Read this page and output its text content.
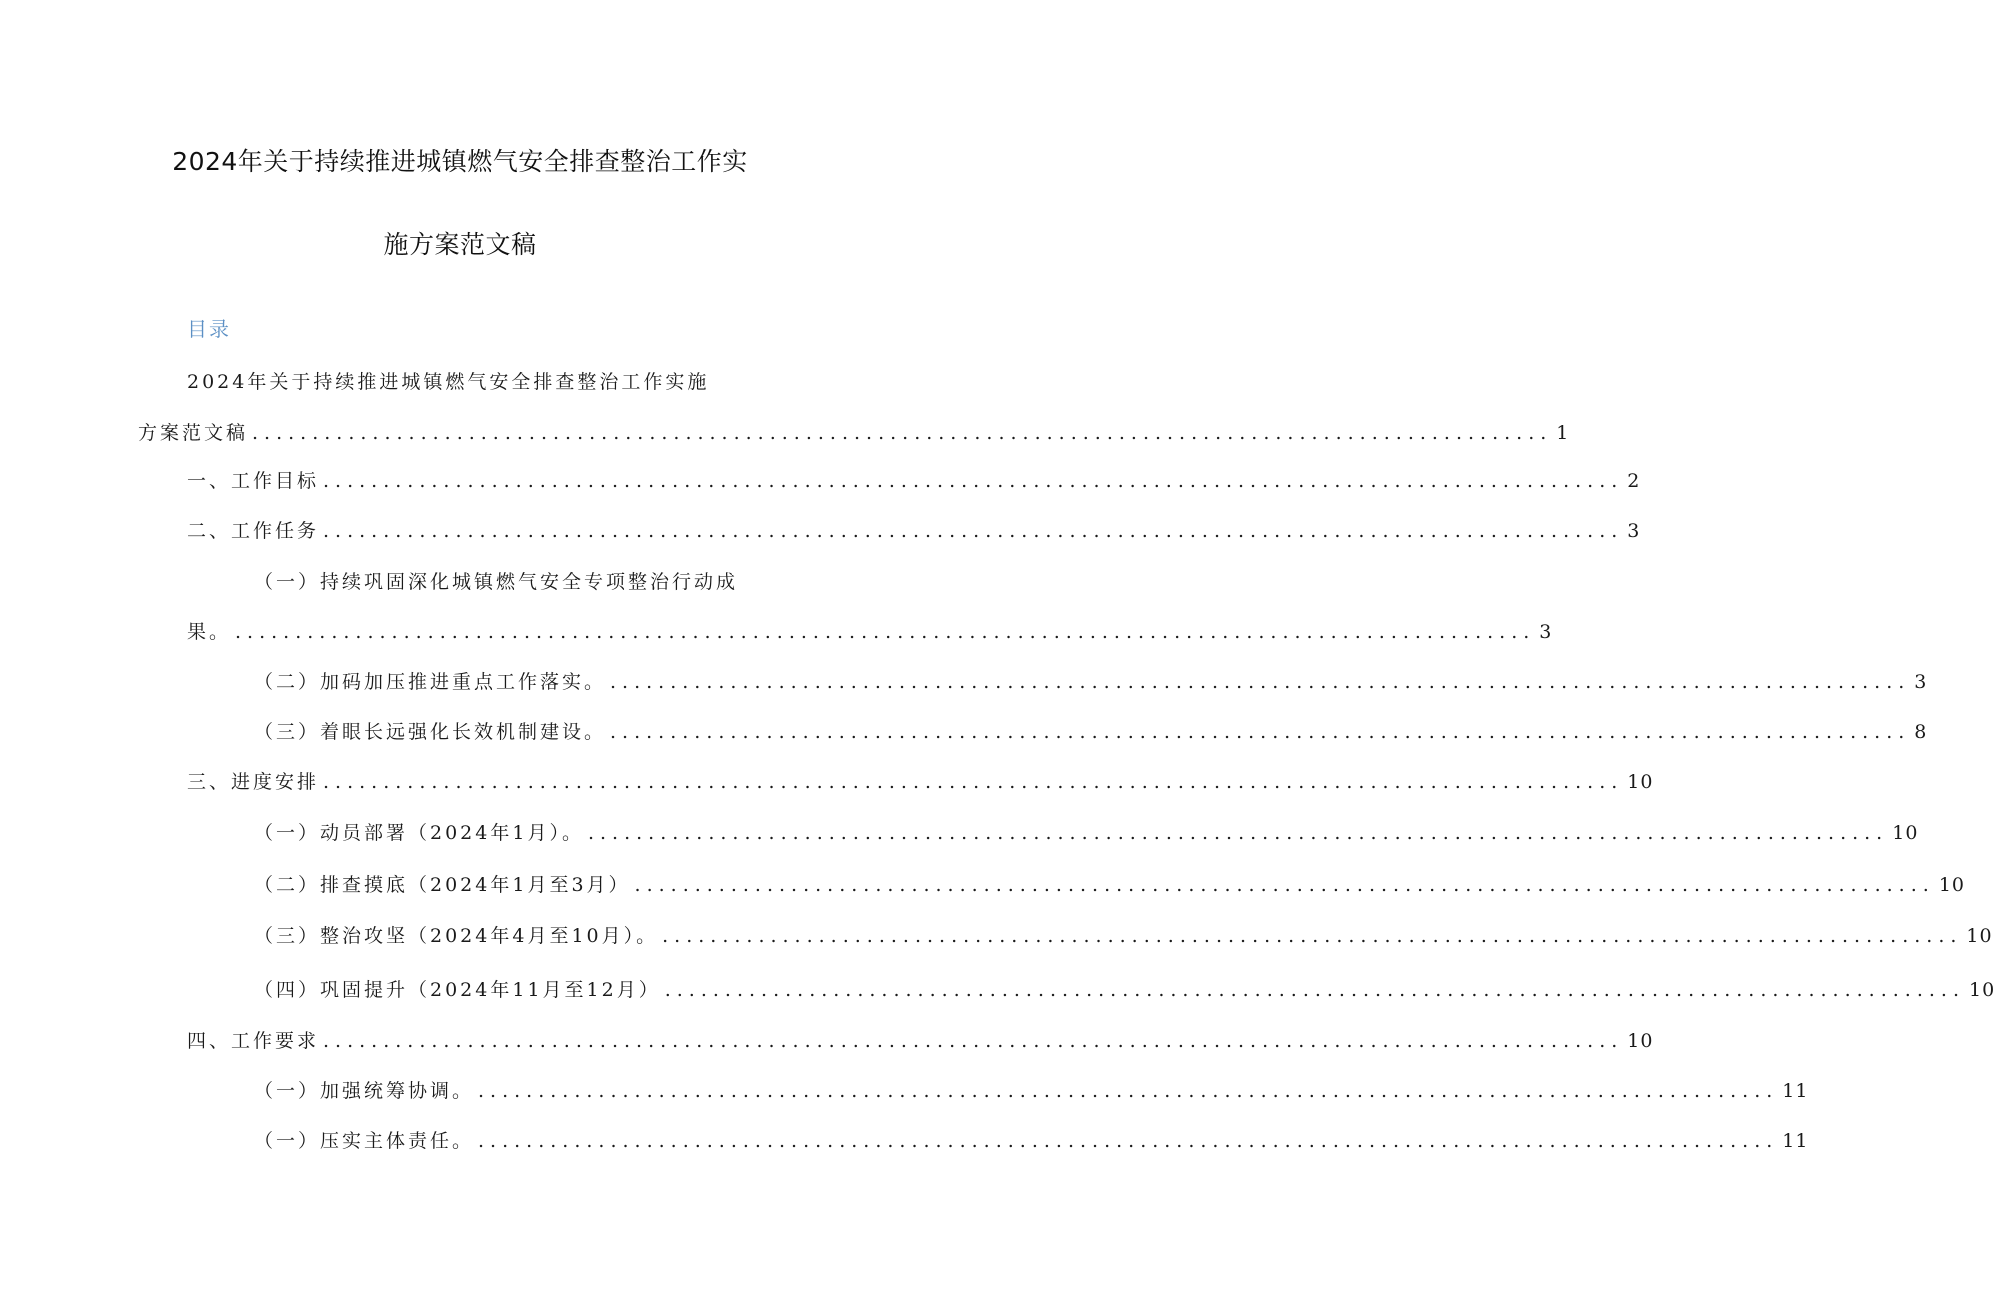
2024年关于持续推进城镇燃气安全排查整治工作实
施方案范文稿
目录
2024年关于持续推进城镇燃气安全排查整治工作实施
方案范文稿 ............................................................................................................ 1
一、工作目标 ............................................................................................................ 2
二、工作任务 ............................................................................................................ 3
（一）持续巩固深化城镇燃气安全专项整治行动成
果。 ............................................................................................................ 3
（二）加码加压推进重点工作落实。 ............................................................................................................ 3
（三）着眼长远强化长效机制建设。 ............................................................................................................ 8
三、进度安排 ............................................................................................................ 10
（一）动员部署（2024年1月）。 ............................................................................................................ 10
（二）排查摸底（2024年1月至3月） ............................................................................................................ 10
（三）整治攻坚（2024年4月至10月）。 ............................................................................................................ 10
（四）巩固提升（2024年11月至12月） ............................................................................................................ 10
四、工作要求 ............................................................................................................ 10
（一）加强统筹协调。 ............................................................................................................ 11
（一）压实主体责任。 ............................................................................................................ 11
